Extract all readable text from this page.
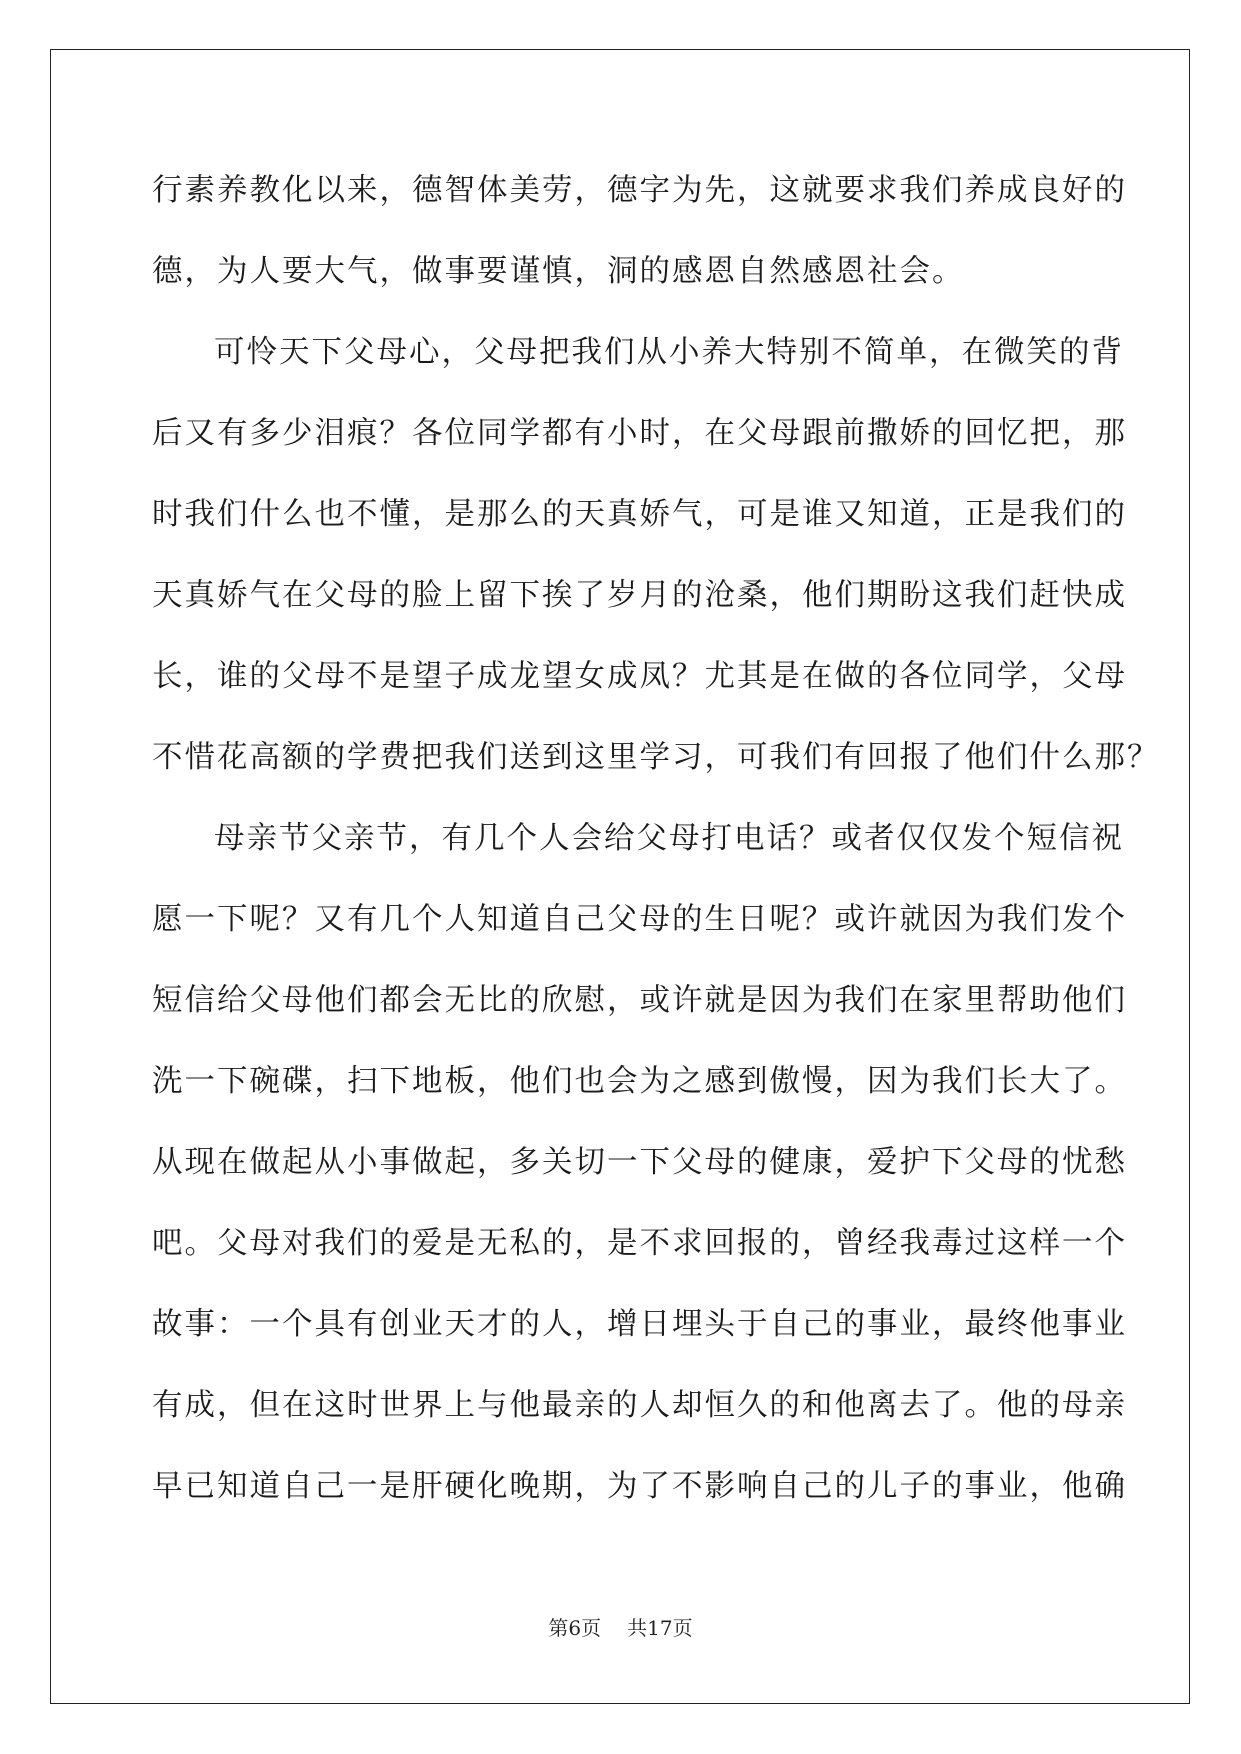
行素养教化以来，德智体美劳，德字为先，这就要求我们养成良好的
德，为人要大气，做事要谨慎，洞的感恩自然感恩社会。
可怜天下父母心，父母把我们从小养大特别不简单，在微笑的背
后又有多少泪痕？各位同学都有小时，在父母跟前撒娇的回忆把，那
时我们什么也不懂，是那么的天真娇气，可是谁又知道，正是我们的
天真娇气在父母的脸上留下挨了岁月的沧桑，他们期盼这我们赶快成
长，谁的父母不是望子成龙望女成凤？尤其是在做的各位同学，父母
不惜花高额的学费把我们送到这里学习，可我们有回报了他们什么那？
母亲节父亲节，有几个人会给父母打电话？或者仅仅发个短信祝
愿一下呢？又有几个人知道自己父母的生日呢？或许就因为我们发个
短信给父母他们都会无比的欣慰，或许就是因为我们在家里帮助他们
洗一下碗碟，扫下地板，他们也会为之感到傲慢，因为我们长大了。
从现在做起从小事做起，多关切一下父母的健康，爱护下父母的忧愁
吧。父母对我们的爱是无私的，是不求回报的，曾经我毒过这样一个
故事：一个具有创业天才的人，增日埋头于自己的事业，最终他事业
有成，但在这时世界上与他最亲的人却恒久的和他离去了。他的母亲
早已知道自己一是肝硬化晚期，为了不影响自己的儿子的事业，他确
第6页 共17页
